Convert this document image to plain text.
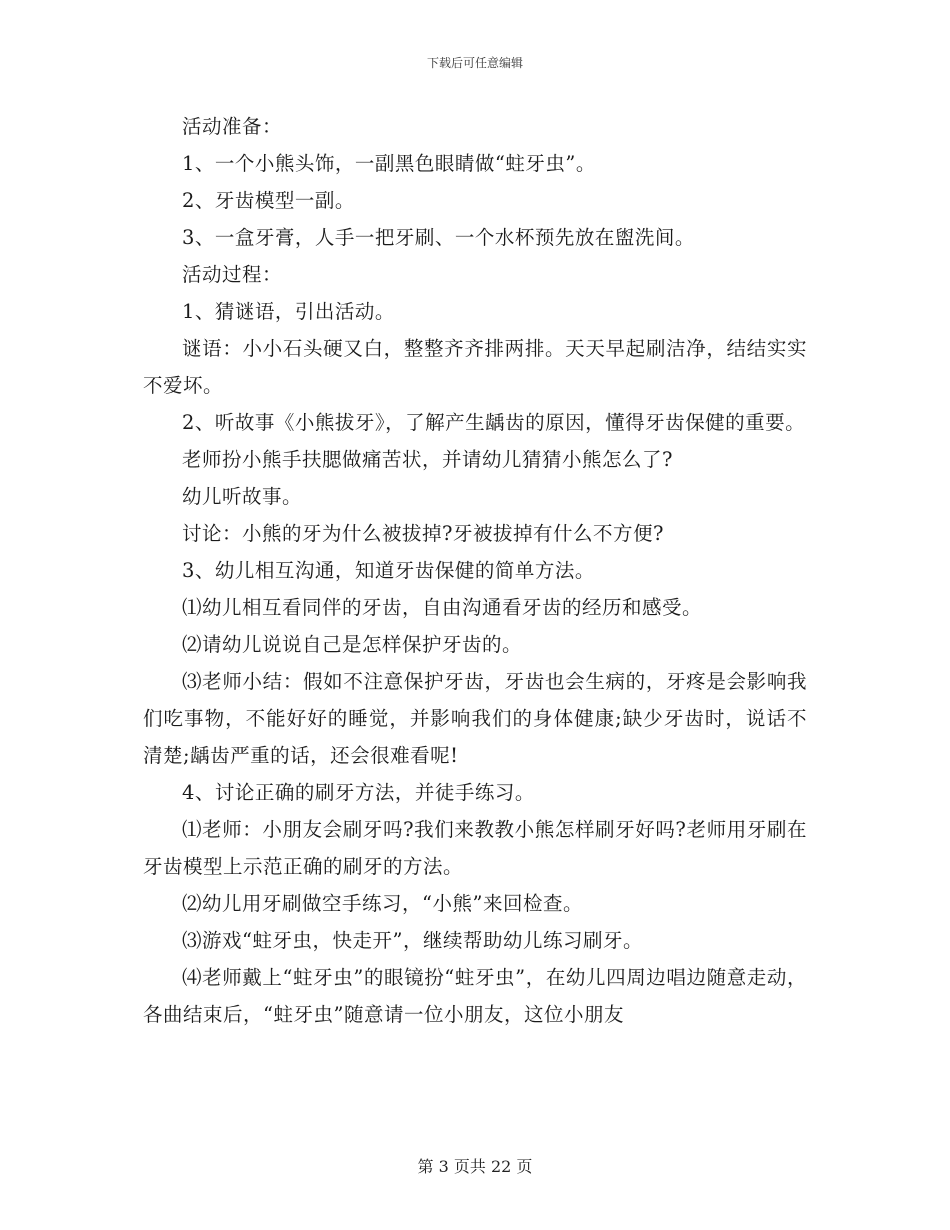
下载后可任意编辑

活动准备：

1、一个小熊头饰，一副黑色眼睛做“蛀牙虫”。

2、牙齿模型一副。

3、一盒牙膏，人手一把牙刷、一个水杯预先放在盥洗间。

活动过程：

1、猜谜语，引出活动。

谜语：小小石头硬又白，整整齐齐排两排。天天早起刷洁净，结结实实不爱坏。

2、听故事《小熊拔牙》，了解产生龋齿的原因，懂得牙齿保健的重要。

老师扮小熊手扶腮做痛苦状，并请幼儿猜猜小熊怎么了?

幼儿听故事。

讨论：小熊的牙为什么被拔掉?牙被拔掉有什么不方便?

3、幼儿相互沟通，知道牙齿保健的简单方法。

⑴幼儿相互看同伴的牙齿，自由沟通看牙齿的经历和感受。

⑵请幼儿说说自己是怎样保护牙齿的。

⑶老师小结：假如不注意保护牙齿，牙齿也会生病的，牙疼是会影响我们吃事物，不能好好的睡觉，并影响我们的身体健康;缺少牙齿时，说话不清楚;龋齿严重的话，还会很难看呢!

4、讨论正确的刷牙方法，并徒手练习。

⑴老师：小朋友会刷牙吗?我们来教教小熊怎样刷牙好吗?老师用牙刷在牙齿模型上示范正确的刷牙的方法。

⑵幼儿用牙刷做空手练习，“小熊”来回检查。

⑶游戏“蛀牙虫，快走开”，继续帮助幼儿练习刷牙。

⑷老师戴上“蛀牙虫”的眼镜扮“蛀牙虫”，在幼儿四周边唱边随意走动，各曲结束后，“蛀牙虫”随意请一位小朋友，这位小朋友

第 3 页共 22 页
